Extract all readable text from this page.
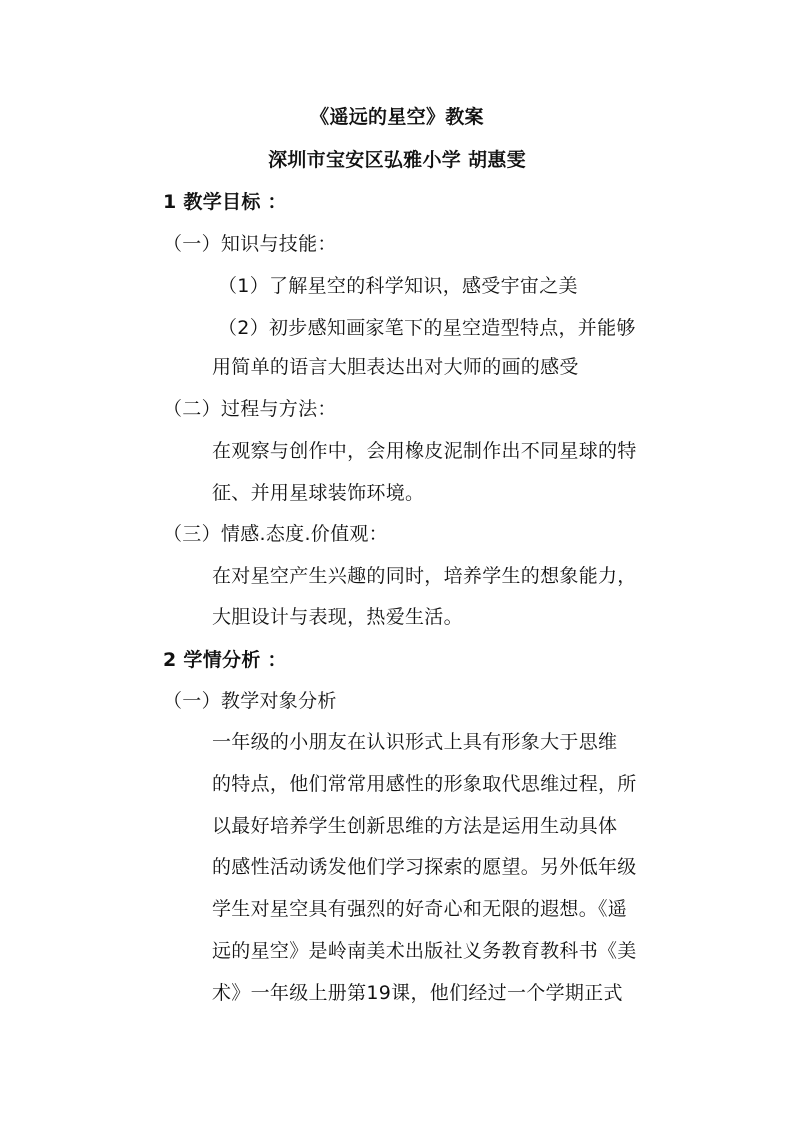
《遥远的星空》教案
深圳市宝安区弘雅小学 胡惠雯
1 教学目标 ：
（一）知识与技能：
（1）了解星空的科学知识，感受宇宙之美
（2）初步感知画家笔下的星空造型特点，并能够
用简单的语言大胆表达出对大师的画的感受
（二）过程与方法：
在观察与创作中，会用橡皮泥制作出不同星球的特
征、并用星球装饰环境。
（三）情感.态度.价值观：
在对星空产生兴趣的同时，培养学生的想象能力，
大胆设计与表现，热爱生活。
2 学情分析 ：
（一）教学对象分析
一年级的小朋友在认识形式上具有形象大于思维
的特点，他们常常用感性的形象取代思维过程，所
以最好培养学生创新思维的方法是运用生动具体
的感性活动诱发他们学习探索的愿望。另外低年级
学生对星空具有强烈的好奇心和无限的遐想。《遥
远的星空》是岭南美术出版社义务教育教科书《美
术》一年级上册第19课，他们经过一个学期正式
